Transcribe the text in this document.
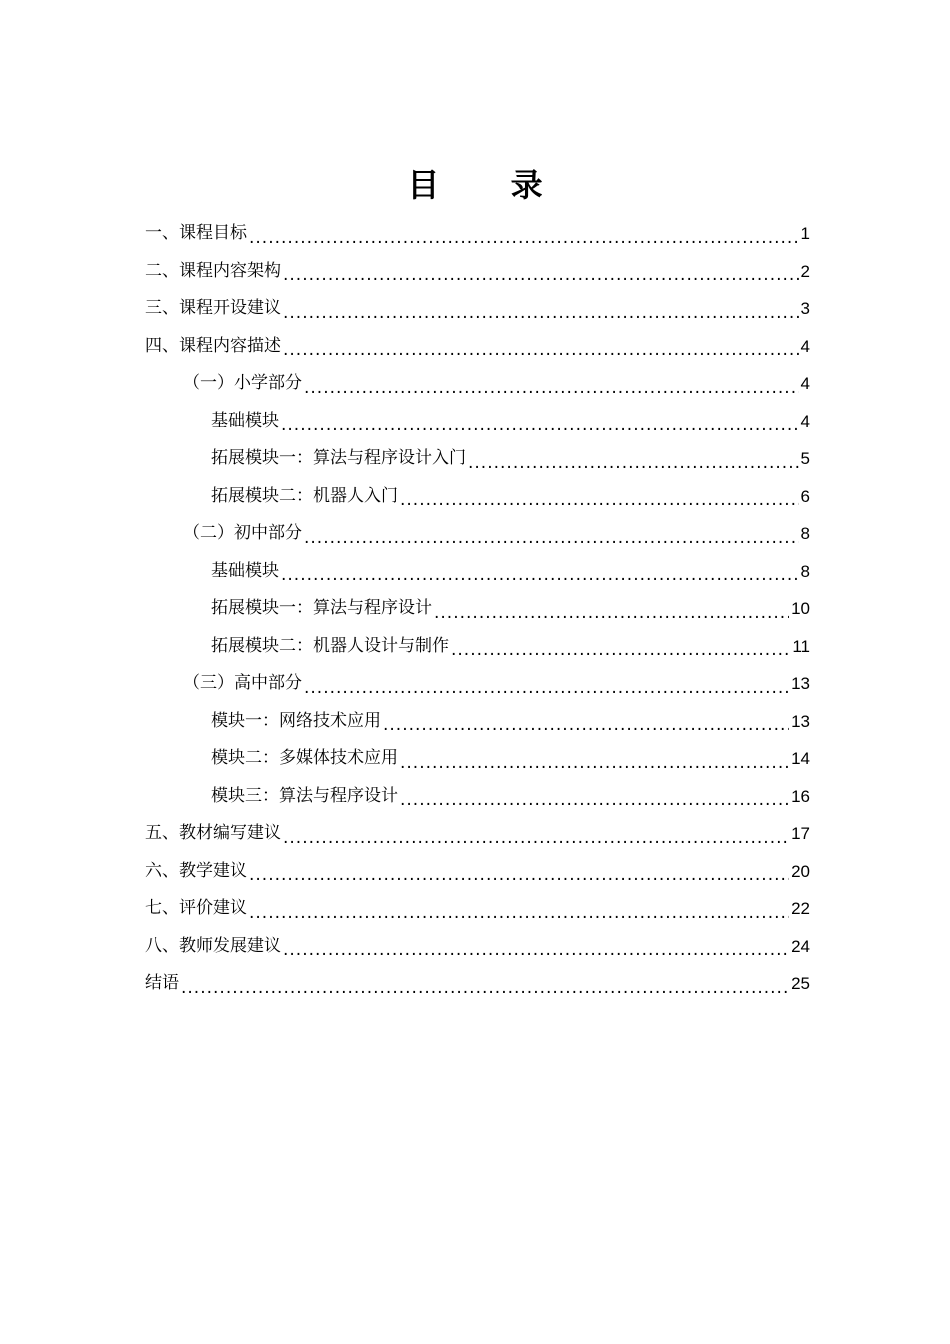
目 录
一、课程目标 .....	1
二、课程内容架构 .....	2
三、课程开设建议 .....	3
四、课程内容描述 .....	4
（一）小学部分 .....	4
基础模块 .....	4
拓展模块一：算法与程序设计入门 .....	5
拓展模块二：机器人入门 .....	6
（二）初中部分 .....	8
基础模块 .....	8
拓展模块一：算法与程序设计 .....	10
拓展模块二：机器人设计与制作 .....	11
（三）高中部分 .....	13
模块一：网络技术应用 .....	13
模块二：多媒体技术应用 .....	14
模块三：算法与程序设计 .....	16
五、教材编写建议 .....	17
六、教学建议 .....	20
七、评价建议 .....	22
八、教师发展建议 .....	24
结语 .....	25
